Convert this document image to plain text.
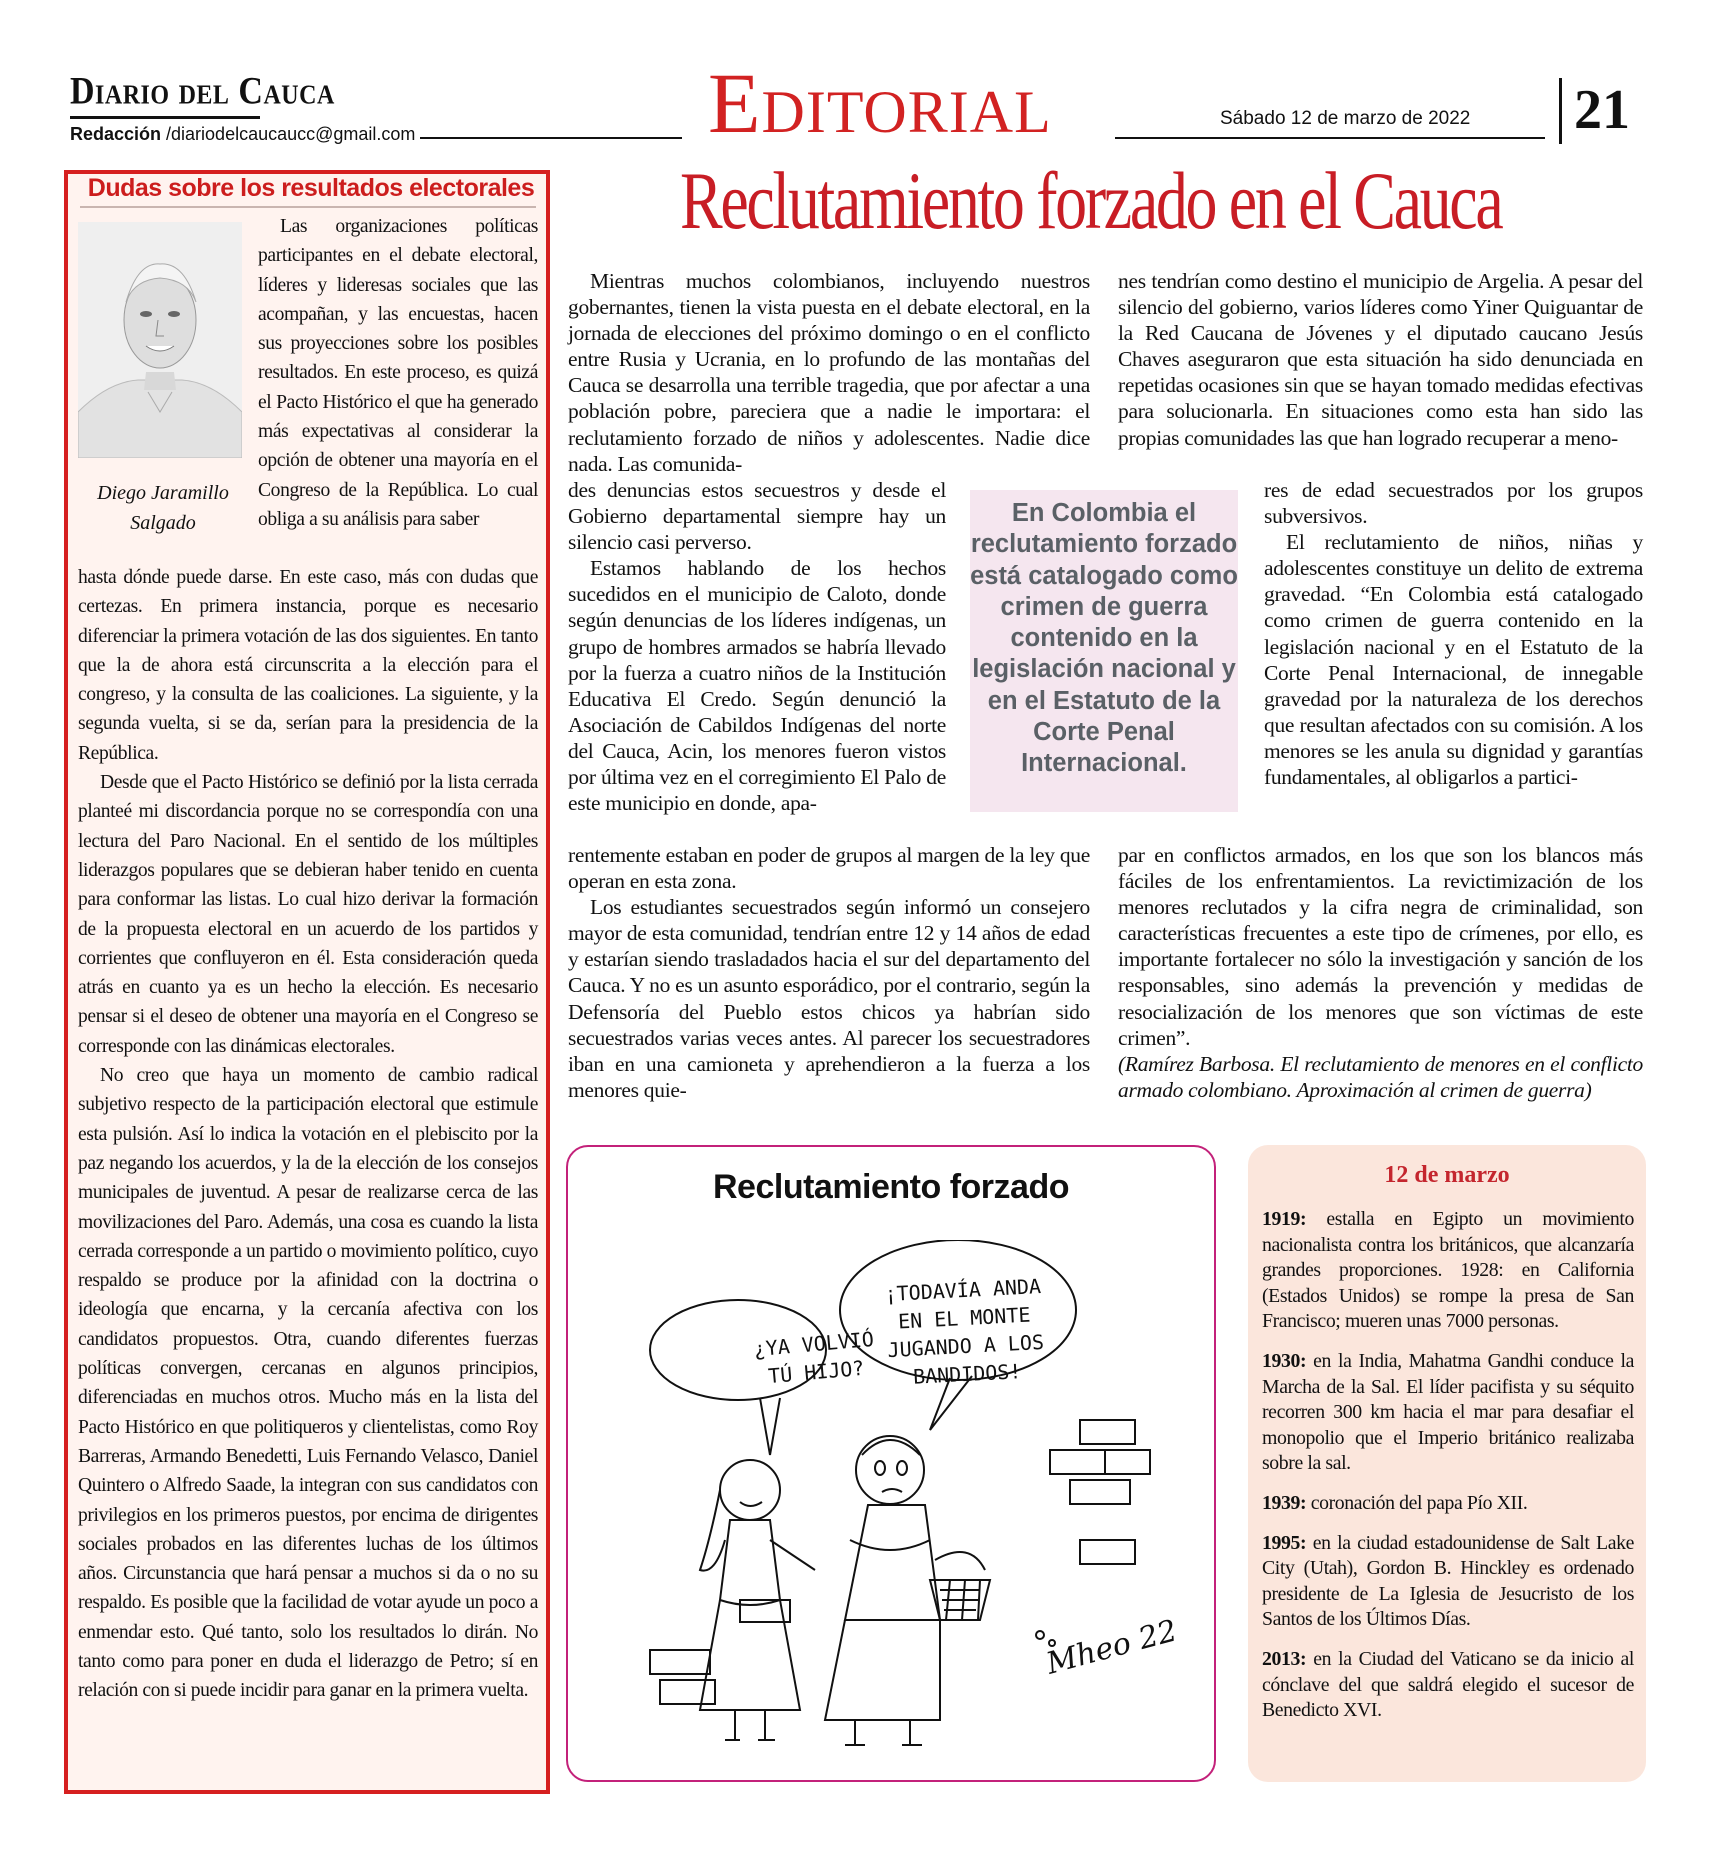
Diario del Cauca
Redacción /diariodelcaucaucc@gmail.com	Editorial	Sábado 12 de marzo de 2022 21
Dudas sobre los resultados electorales
Diego Jaramillo Salgado

Las organizaciones políticas participantes en el debate electoral, líderes y lideresas sociales que las acompañan, y las encuestas, hacen sus proyecciones sobre los posibles resultados. En este proceso, es quizá el Pacto Histórico el que ha generado más expectativas al considerar la opción de obtener una mayoría en el Congreso de la República. Lo cual obliga a su análisis para saber

hasta dónde puede darse. En este caso, más con dudas que certezas. En primera instancia, porque es necesario diferenciar la primera votación de las dos siguientes. En tanto que la de ahora está circunscrita a la elección para el congreso, y la consulta de las coaliciones. La siguiente, y la segunda vuelta, si se da, serían para la presidencia de la República.

Desde que el Pacto Histórico se definió por la lista cerrada planteé mi discordancia porque no se correspondía con una lectura del Paro Nacional. En el sentido de los múltiples liderazgos populares que se debieran haber tenido en cuenta para conformar las listas. Lo cual hizo derivar la formación de la propuesta electoral en un acuerdo de los partidos y corrientes que confluyeron en él. Esta consideración queda atrás en cuanto ya es un hecho la elección. Es necesario pensar si el deseo de obtener una mayoría en el Congreso se corresponde con las dinámicas electorales.

No creo que haya un momento de cambio radical subjetivo respecto de la participación electoral que estimule esta pulsión. Así lo indica la votación en el plebiscito por la paz negando los acuerdos, y la de la elección de los consejos municipales de juventud. A pesar de realizarse cerca de las movilizaciones del Paro. Además, una cosa es cuando la lista cerrada corresponde a un partido o movimiento político, cuyo respaldo se produce por la afinidad con la doctrina o ideología que encarna, y la cercanía afectiva con los candidatos propuestos. Otra, cuando diferentes fuerzas políticas convergen, cercanas en algunos principios, diferenciadas en muchos otros. Mucho más en la lista del Pacto Histórico en que politiqueros y clientelistas, como Roy Barreras, Armando Benedetti, Luis Fernando Velasco, Daniel Quintero o Alfredo Saade, la integran con sus candidatos con privilegios en los primeros puestos, por encima de dirigentes sociales probados en las diferentes luchas de los últimos años. Circunstancia que hará pensar a muchos si da o no su respaldo. Es posible que la facilidad de votar ayude un poco a enmendar esto. Qué tanto, solo los resultados lo dirán. No tanto como para poner en duda el liderazgo de Petro; sí en relación con si puede incidir para ganar en la primera vuelta.

Reclutamiento forzado en el Cauca

Mientras muchos colombianos, incluyendo nuestros gobernantes, tienen la vista puesta en el debate electoral, en la jornada de elecciones del próximo domingo o en el conflicto entre Rusia y Ucrania, en lo profundo de las montañas del Cauca se desarrolla una terrible tragedia, que por afectar a una población pobre, pareciera que a nadie le importara: el reclutamiento forzado de niños y adolescentes. Nadie dice nada. Las comunida-

des denuncias estos secuestros y desde el Gobierno departamental siempre hay un silencio casi perverso.

Estamos hablando de los hechos sucedidos en el municipio de Caloto, donde según denuncias de los líderes indígenas, un grupo de hombres armados se habría llevado por la fuerza a cuatro niños de la Institución Educativa El Credo. Según denunció la Asociación de Cabildos Indígenas del norte del Cauca, Acin, los menores fueron vistos por última vez en el corregimiento El Palo de este municipio en donde, apa-

rentemente estaban en poder de grupos al margen de la ley que operan en esta zona.

Los estudiantes secuestrados según informó un consejero mayor de esta comunidad, tendrían entre 12 y 14 años de edad y estarían siendo trasladados hacia el sur del departamento del Cauca. Y no es un asunto esporádico, por el contrario, según la Defensoría del Pueblo estos chicos ya habrían sido secuestrados varias veces antes. Al parecer los secuestradores iban en una camioneta y aprehendieron a la fuerza a los menores quie-

nes tendrían como destino el municipio de Argelia. A pesar del silencio del gobierno, varios líderes como Yiner Quiguantar de la Red Caucana de Jóvenes y el diputado caucano Jesús Chaves aseguraron que esta situación ha sido denunciada en repetidas ocasiones sin que se hayan tomado medidas efectivas para solucionarla. En situaciones como esta han sido las propias comunidades las que han logrado recuperar a meno-

res de edad secuestrados por los grupos subversivos.

El reclutamiento de niños, niñas y adolescentes constituye un delito de extrema gravedad. “En Colombia está catalogado como crimen de guerra contenido en la legislación nacional y en el Estatuto de la Corte Penal Internacional, de innegable gravedad por la naturaleza de los derechos que resultan afectados con su comisión. A los menores se les anula su dignidad y garantías fundamentales, al obligarlos a partici-

par en conflictos armados, en los que son los blancos más fáciles de los enfrentamientos. La revictimización de los menores reclutados y la cifra negra de criminalidad, son características frecuentes a este tipo de crímenes, por ello, es importante fortalecer no sólo la investigación y sanción de los responsables, sino además la prevención y medidas de resocialización de los menores que son víctimas de este crimen”.

(Ramírez Barbosa. El reclutamiento de menores en el conflicto armado colombiano. Aproximación al crimen de guerra)

En Colombia el reclutamiento forzado está catalogado como crimen de guerra contenido en la legislación nacional y en el Estatuto de la Corte Penal Internacional.
Reclutamiento forzado
¿YA VOLVIÓ TÚ HIJO?
¡TODAVÍA ANDA EN EL MONTE JUGANDO A LOS BANDIDOS!
Mheo 22
12 de marzo
1919: estalla en Egipto un movimiento nacionalista contra los británicos, que alcanzaría grandes proporciones. 1928: en California (Estados Unidos) se rompe la presa de San Francisco; mueren unas 7000 personas.
1930: en la India, Mahatma Gandhi conduce la Marcha de la Sal. El líder pacifista y su séquito recorren 300 km hacia el mar para desafiar el monopolio que el Imperio británico realizaba sobre la sal.
1939: coronación del papa Pío XII.
1995: en la ciudad estadounidense de Salt Lake City (Utah), Gordon B. Hinckley es ordenado presidente de La Iglesia de Jesucristo de los Santos de los Últimos Días.
2013: en la Ciudad del Vaticano se da inicio al cónclave del que saldrá elegido el sucesor de Benedicto XVI.
